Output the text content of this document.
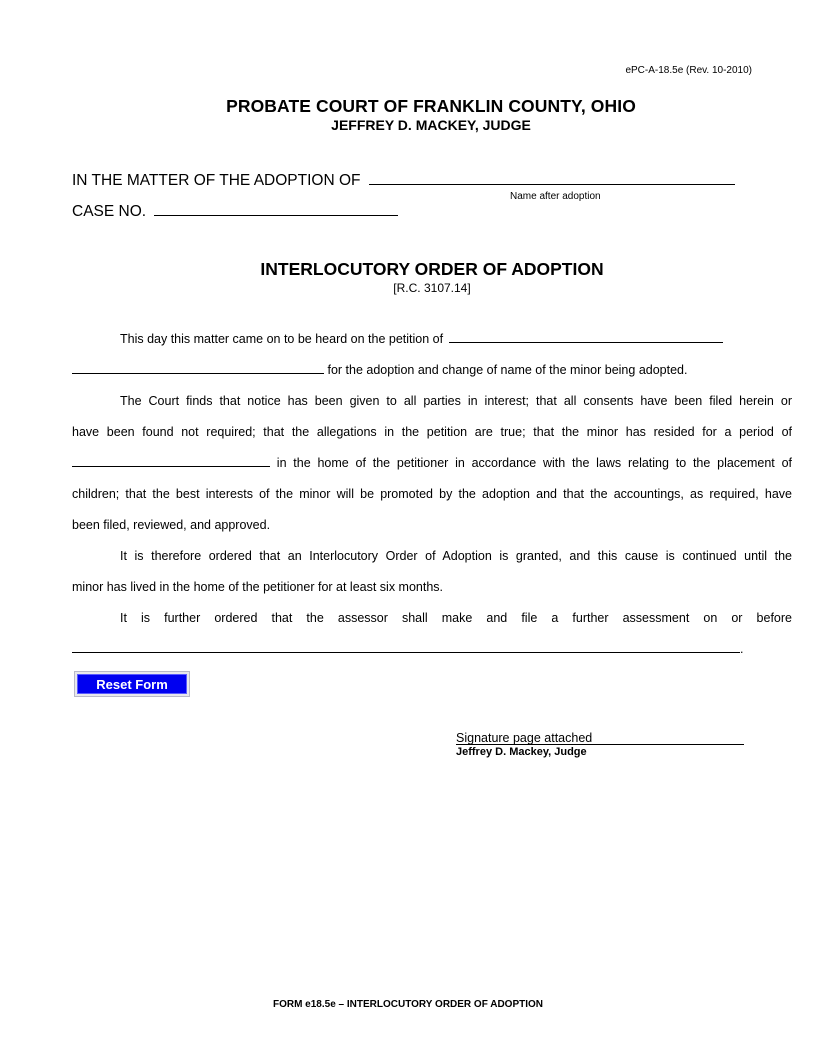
ePC-A-18.5e (Rev. 10-2010)
PROBATE COURT OF FRANKLIN COUNTY, OHIO
JEFFREY D. MACKEY, JUDGE
IN THE MATTER OF THE ADOPTION OF
Name after adoption
CASE NO.
INTERLOCUTORY ORDER OF ADOPTION
[R.C. 3107.14]

This day this matter came on to be heard on the petition of

for the adoption and change of name of the minor being adopted.

The Court finds that notice has been given to all parties in interest; that all consents have been filed herein or

have been found not required; that the allegations in the petition are true; that the minor has resided for a period of

in the home of the petitioner in accordance with the laws relating to the placement of

children; that the best interests of the minor will be promoted by the adoption and that the accountings, as required, have

been filed, reviewed, and approved.

It is therefore ordered that an Interlocutory Order of Adoption is granted, and this cause is continued until the

minor has lived in the home of the petitioner for at least six months.

It is further ordered that the assessor shall make and file a further assessment on or before

.

Reset Form
Signature page attached
Jeffrey D. Mackey, Judge
FORM e18.5e – INTERLOCUTORY ORDER OF ADOPTION
